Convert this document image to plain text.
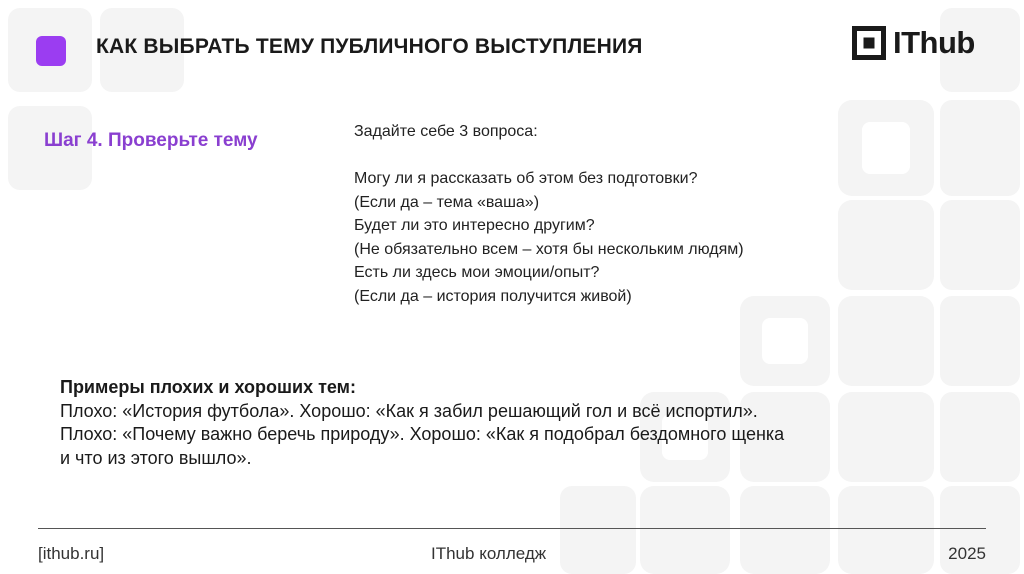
КАК ВЫБРАТЬ ТЕМУ ПУБЛИЧНОГО ВЫСТУПЛЕНИЯ	IThub
Шаг 4. Проверьте тему	Задайте себе 3 вопроса:
Могу ли я рассказать об этом без подготовки?
(Если да – тема «ваша»)
Будет ли это интересно другим?
(Не обязательно всем – хотя бы нескольким людям)
Есть ли здесь мои эмоции/опыт?
(Если да – история получится живой)
Примеры плохих и хороших тем:
Плохо: «История футбола». Хорошо: «Как я забил решающий гол и всё испортил».
Плохо: «Почему важно беречь природу». Хорошо: «Как я подобрал бездомного щенка
и что из этого вышло».
[ithub.ru]	IThub колледж	2025
